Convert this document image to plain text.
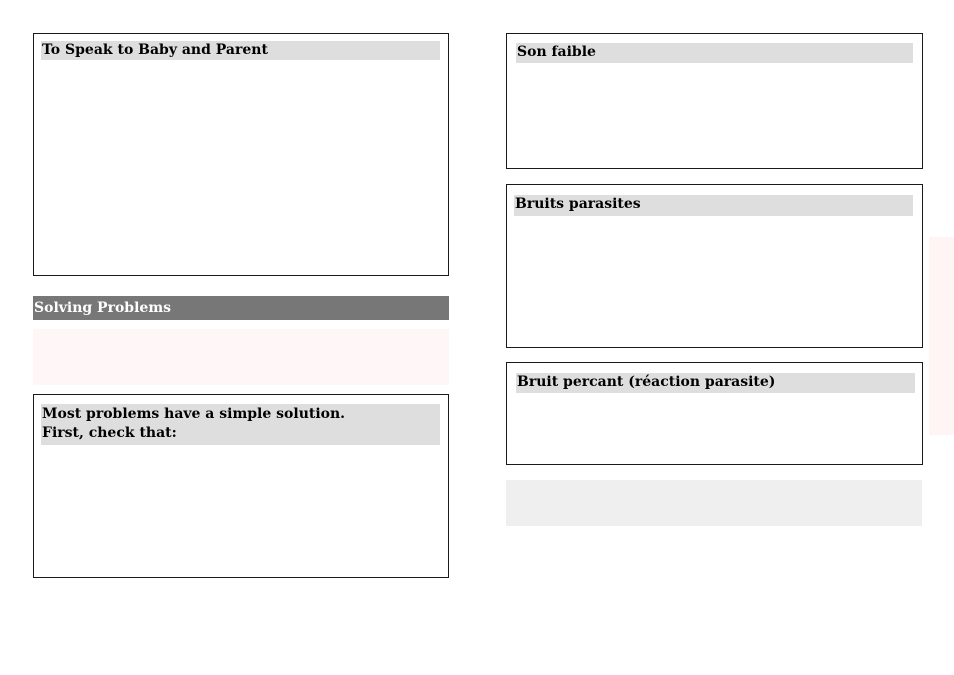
To Speak to Baby and Parent
Solving Problems
Most problems have a simple solution.
First, check that:
Son faible
Bruits parasites
Bruit percant (réaction parasite)
